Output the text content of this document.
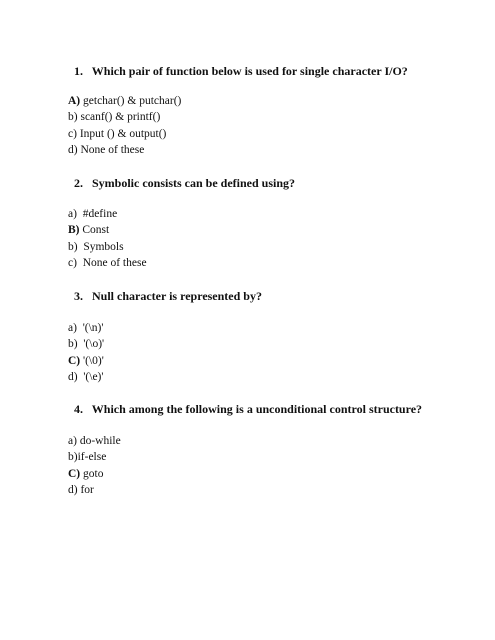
1. Which pair of function below is used for single character I/O?
A) getchar() & putchar()
b) scanf() & printf()
c) Input () & output()
d) None of these
2. Symbolic consists can be defined using?
a)  #define
B) Const
b)  Symbols
c)  None of these
3. Null character is represented by?
a)  '(\n)'
b)  '(\o)'
C) '(\0)'
d)  '(\e)'
4. Which among the following is a unconditional control structure?
a) do-while
b)if-else
C) goto
d) for
